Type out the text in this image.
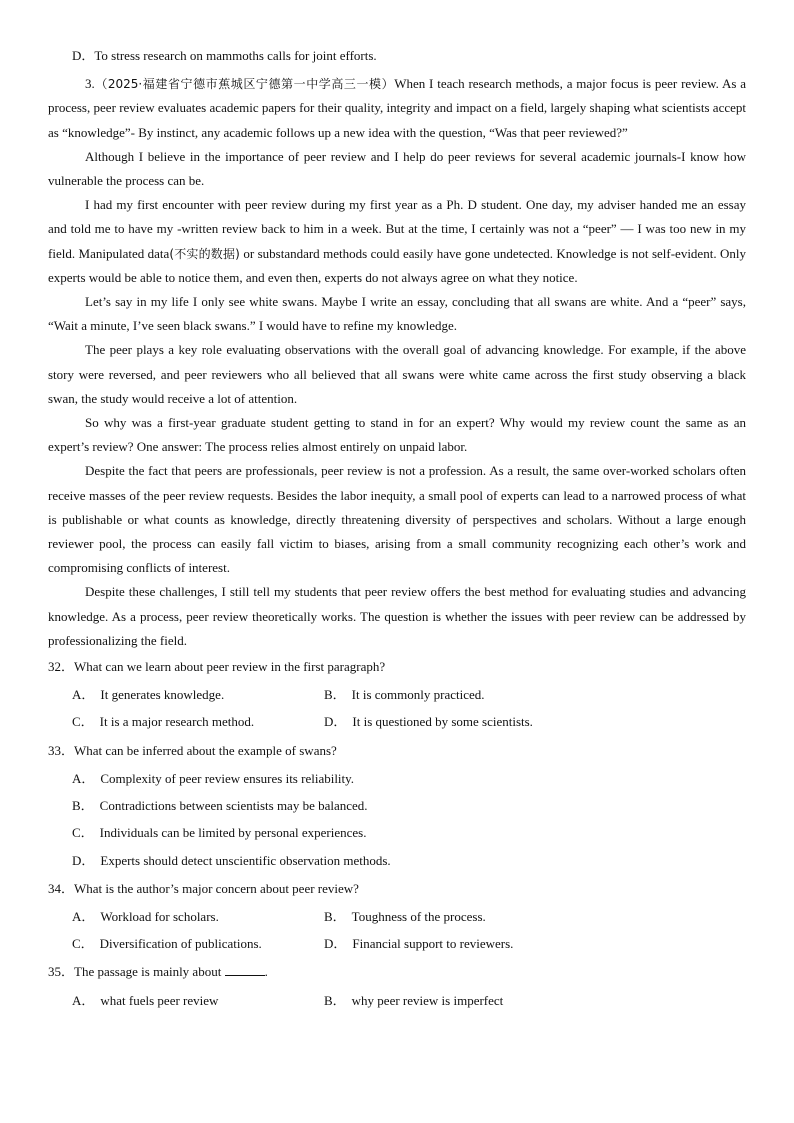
D．To stress research on mammoths calls for joint efforts.

3.（2025·福建省宁德市蕉城区宁德第一中学高三一模）When I teach research methods, a major focus is peer review. As a process, peer review evaluates academic papers for their quality, integrity and impact on a field, largely shaping what scientists accept as “knowledge”- By instinct, any academic follows up a new idea with the question, “Was that peer reviewed?”

Although I believe in the importance of peer review and I help do peer reviews for several academic journals-I know how vulnerable the process can be.

I had my first encounter with peer review during my first year as a Ph. D student. One day, my adviser handed me an essay and told me to have my -written review back to him in a week. But at the time, I certainly was not a “peer” — I was too new in my field. Manipulated data(不实的数据) or substandard methods could easily have gone undetected. Knowledge is not self-evident. Only experts would be able to notice them, and even then, experts do not always agree on what they notice.

Let’s say in my life I only see white swans. Maybe I write an essay, concluding that all swans are white. And a “peer” says, “Wait a minute, I’ve seen black swans.” I would have to refine my knowledge.

The peer plays a key role evaluating observations with the overall goal of advancing knowledge. For example, if the above story were reversed, and peer reviewers who all believed that all swans were white came across the first study observing a black swan, the study would receive a lot of attention.

So why was a first-year graduate student getting to stand in for an expert? Why would my review count the same as an expert’s review? One answer: The process relies almost entirely on unpaid labor.

Despite the fact that peers are professionals, peer review is not a profession. As a result, the same over-worked scholars often receive masses of the peer review requests. Besides the labor inequity, a small pool of experts can lead to a narrowed process of what is publishable or what counts as knowledge, directly threatening diversity of perspectives and scholars. Without a large enough reviewer pool, the process can easily fall victim to biases, arising from a small community recognizing each other’s work and compromising conflicts of interest.

Despite these challenges, I still tell my students that peer review offers the best method for evaluating studies and advancing knowledge. As a process, peer review theoretically works. The question is whether the issues with peer review can be addressed by professionalizing the field.

32．What can we learn about peer review in the first paragraph?

A． It generates knowledge.	B． It is commonly practiced.
C． It is a major research method.	D． It is questioned by some scientists.

33．What can be inferred about the example of swans?

A． Complexity of peer review ensures its reliability.
B． Contradictions between scientists may be balanced.
C． Individuals can be limited by personal experiences.
D． Experts should detect unscientific observation methods.

34．What is the author’s major concern about peer review?

A． Workload for scholars.	B． Toughness of the process.
C． Diversification of publications.	D． Financial support to reviewers.

35．The passage is mainly about	.

A． what fuels peer review	B． why peer review is imperfect
